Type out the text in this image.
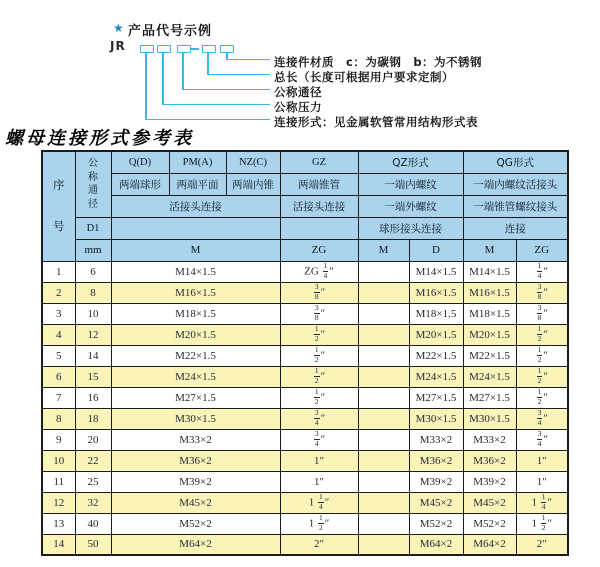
★ 产品代号示例
JR
连接件材质　c：为碳钢　b：为不锈钢
总长（长度可根据用户要求定制）
公称通径
公称压力
连接形式：见金属软管常用结构形式表
螺母连接形式参考表
序
号	公
称
通
径	Q(D)	PM(A)	NZ(C)	GZ	QZ形式		QG形式	
		两端球形	两端平面	两端内锥	两端锥管	一端内螺纹		一端内螺纹活接头	
		活接头连接			活接头连接	一端外螺纹		一端锥管螺纹接头	
	D1					球形接头连接		连接	
	mm	M			ZG	M	D	M	ZG
1	6	M14×1.5			ZG $\frac{1}{4}$ ″		M14×1.5	M14×1.5	$\frac{1}{4}$ ″
2	8	M16×1.5			$\frac{3}{8}$ ″		M16×1.5	M16×1.5	$\frac{3}{8}$ ″
3	10	M18×1.5			$\frac{3}{8}$ ″		M18×1.5	M18×1.5	$\frac{3}{8}$ ″
4	12	M20×1.5			$\frac{1}{2}$ ″		M20×1.5	M20×1.5	$\frac{1}{2}$ ″
5	14	M22×1.5			$\frac{1}{2}$ ″		M22×1.5	M22×1.5	$\frac{1}{2}$ ″
6	15	M24×1.5			$\frac{1}{2}$ ″		M24×1.5	M24×1.5	$\frac{1}{2}$ ″
7	16	M27×1.5			$\frac{1}{2}$ ″		M27×1.5	M27×1.5	$\frac{1}{2}$ ″
8	18	M30×1.5			$\frac{3}{4}$ ″		M30×1.5	M30×1.5	$\frac{3}{4}$ ″
9	20	M33×2			$\frac{3}{4}$ ″		M33×2	M33×2	$\frac{3}{4}$ ″
10	22	M36×2			1″		M36×2	M36×2	1″
11	25	M39×2			1″		M39×2	M39×2	1″
12	32	M45×2			$1 \frac{1}{4}$ ″		M45×2	M45×2	$1 \frac{1}{4}$ ″
13	40	M52×2			$1 \frac{1}{2}$ ″		M52×2	M52×2	$1 \frac{1}{2}$ ″
14	50	M64×2			2″		M64×2	M64×2	2″
